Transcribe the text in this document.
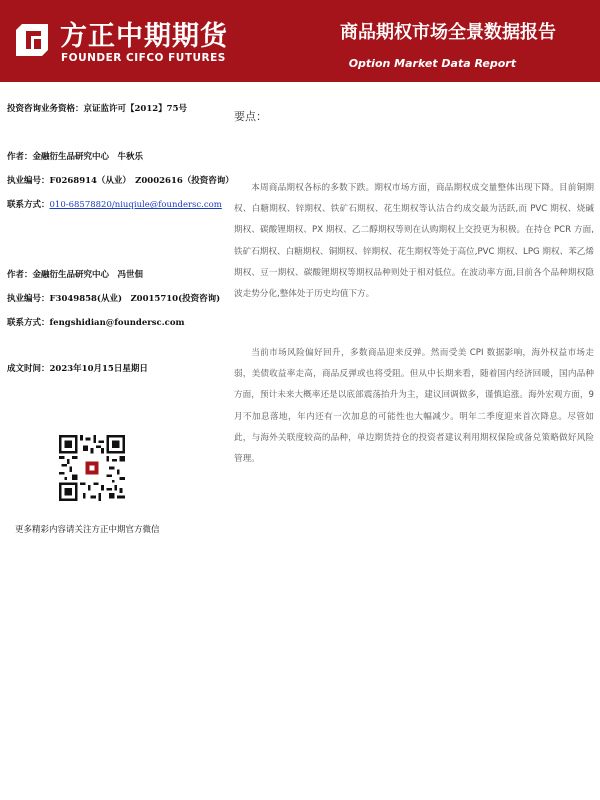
方正中期期货
FOUNDER CIFCO FUTURES
商品期权市场全景数据报告
Option Market Data Report
投资咨询业务资格：京证监许可【2012】75号
作者：金融衍生品研究中心　牛秋乐
执业编号：F0268914（从业）　Z0002616（投资咨询）
联系方式：010-68578820/niuqiule@foundersc.com
作者：金融衍生品研究中心　冯世佃
执业编号：F3049858(从业)　Z0015710(投资咨询)
联系方式：fengshidian@foundersc.com
成文时间：2023年10月15日星期日
更多精彩内容请关注方正中期官方微信
要点：
本周商品期权各标的多数下跌。期权市场方面，商品期权成交量整体出现下降。目前铜期权、白糖期权、锌期权、铁矿石期权、花生期权等认沽合约成交最为活跃,而 PVC 期权、烧碱期权、碳酸锂期权、PX 期权、乙二醇期权等则在认购期权上交投更为积极。在持仓 PCR 方面,铁矿石期权、白糖期权、铜期权、锌期权、花生期权等处于高位,PVC 期权、LPG 期权、苯乙烯期权、豆一期权、碳酸锂期权等期权品种则处于相对低位。在波动率方面,目前各个品种期权隐波走势分化,整体处于历史均值下方。
当前市场风险偏好回升，多数商品迎来反弹。然而受美 CPI 数据影响，海外权益市场走弱，美债收益率走高，商品反弹或也将受阻。但从中长期来看，随着国内经济回暖，国内品种方面，预计未来大概率还是以底部震荡抬升为主，建议回调做多，谨慎追涨。海外宏观方面，9 月不加息落地，年内还有一次加息的可能性也大幅减少。明年二季度迎来首次降息。尽管如此，与海外关联度较高的品种，单边期货持仓的投资者建议利用期权保险或备兑策略做好风险管理。
